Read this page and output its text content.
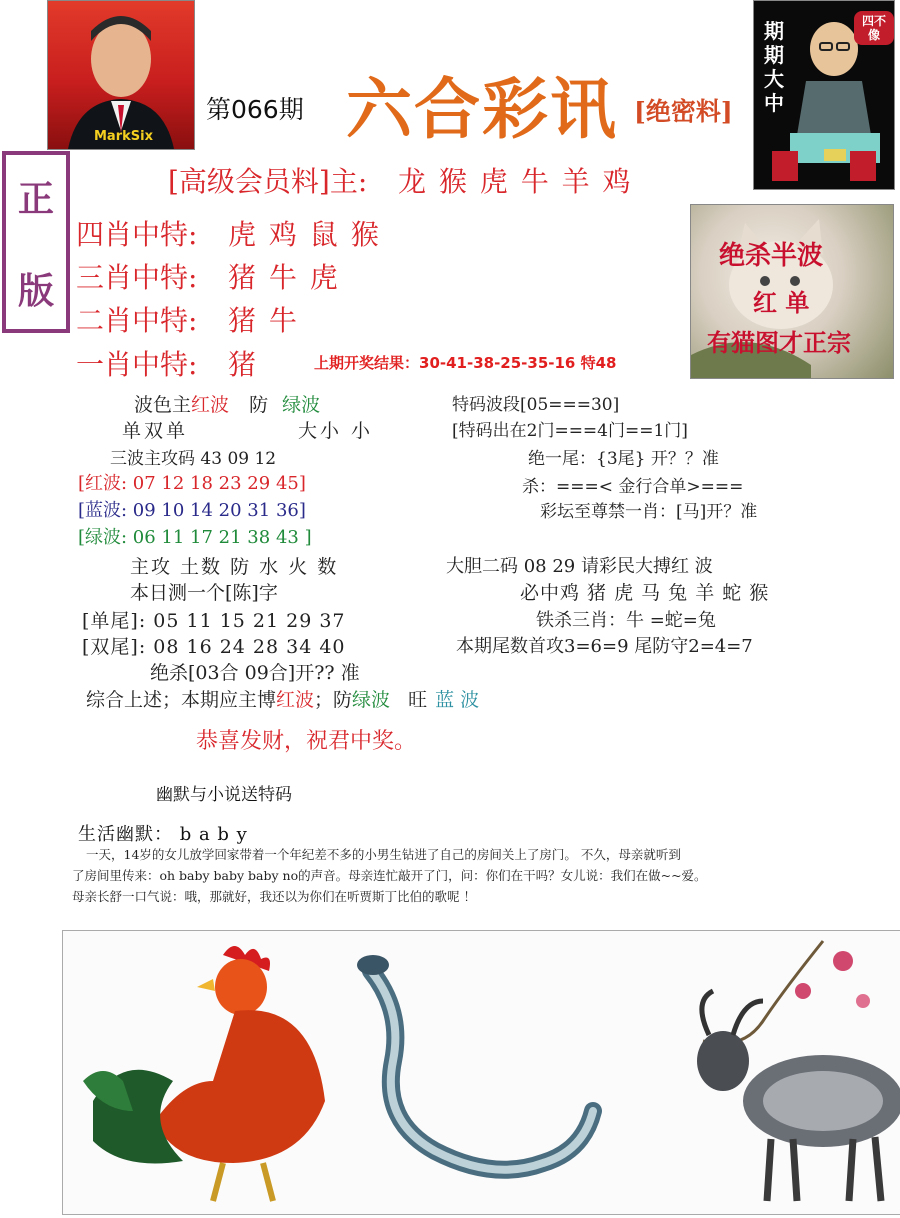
MarkSix
第066期 六合彩讯 [绝密料]
期期大中
四不像
正
版
[高级会员料]主: 龙 猴 虎 牛 羊 鸡
四肖中特: 虎 鸡 鼠 猴
三肖中特: 猪 牛 虎
二肖中特: 猪 牛
一肖中特: 猪	上期开奖结果：30-41-38-25-35-16 特48
绝杀半波
红 单
有猫图才正宗
波色主红波 防 绿波
单双单	大小 小
三波主攻码 43 09 12
[红波: 07 12 18 23 29 45]
[蓝波: 09 10 14 20 31 36]
[绿波: 06 11 17 21 38 43 ]
主攻 土数 防 水 火 数
本日测一个[陈]字
[单尾]: 05 11 15 21 29 37
[双尾]: 08 16 24 28 34 40
绝杀[03合 09合]开?? 准
特码波段[05===30]
[特码出在2门===4门==1门]
绝一尾：{3尾} 开？？准
杀：===< 金行合单>===
彩坛至尊禁一肖：[马]开？准
大胆二码 08 29 请彩民大搏红 波
必中鸡 猪 虎 马 兔 羊 蛇 猴
铁杀三肖：牛 =蛇=兔
本期尾数首攻3=6=9 尾防守2=4=7
综合上述；本期应主博红波；防绿波 旺 蓝 波
恭喜发财，祝君中奖。
幽默与小说送特码
生活幽默： b a b y
一天，14岁的女儿放学回家带着一个年纪差不多的小男生钻进了自己的房间关上了房门。 不久，母亲就听到
了房间里传来：oh baby baby baby no的声音。母亲连忙敲开了门，问：你们在干吗？女儿说：我们在做~~爱。
母亲长舒一口气说：哦，那就好，我还以为你们在听贾斯丁比伯的歌呢 ！
